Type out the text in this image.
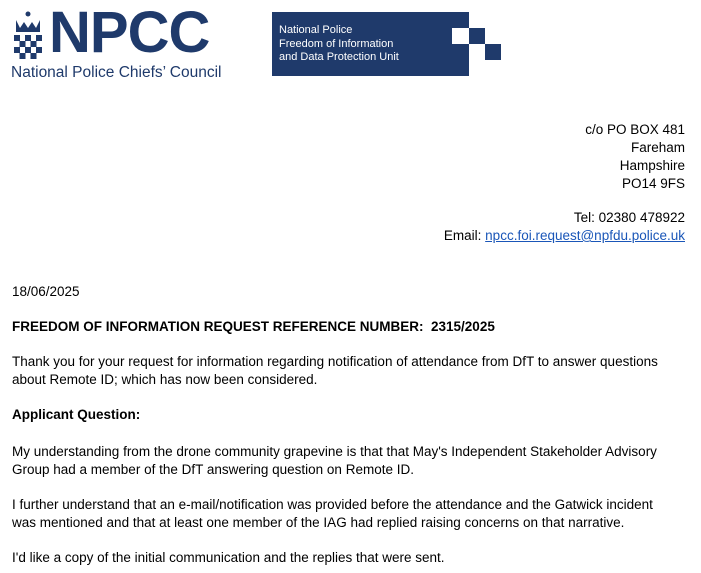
NPCC
National Police Chiefs’ Council
National Police
Freedom of Information
and Data Protection Unit
c/o PO BOX 481
Fareham
Hampshire
PO14 9FS
Tel: 02380 478922
Email: npcc.foi.request@npfdu.police.uk
18/06/2025
FREEDOM OF INFORMATION REQUEST REFERENCE NUMBER: 2315/2025
Thank you for your request for information regarding notification of attendance from DfT to answer questions
about Remote ID; which has now been considered.
Applicant Question:
My understanding from the drone community grapevine is that that May's Independent Stakeholder Advisory
Group had a member of the DfT answering question on Remote ID.
I further understand that an e-mail/notification was provided before the attendance and the Gatwick incident
was mentioned and that at least one member of the IAG had replied raising concerns on that narrative.
I'd like a copy of the initial communication and the replies that were sent.
